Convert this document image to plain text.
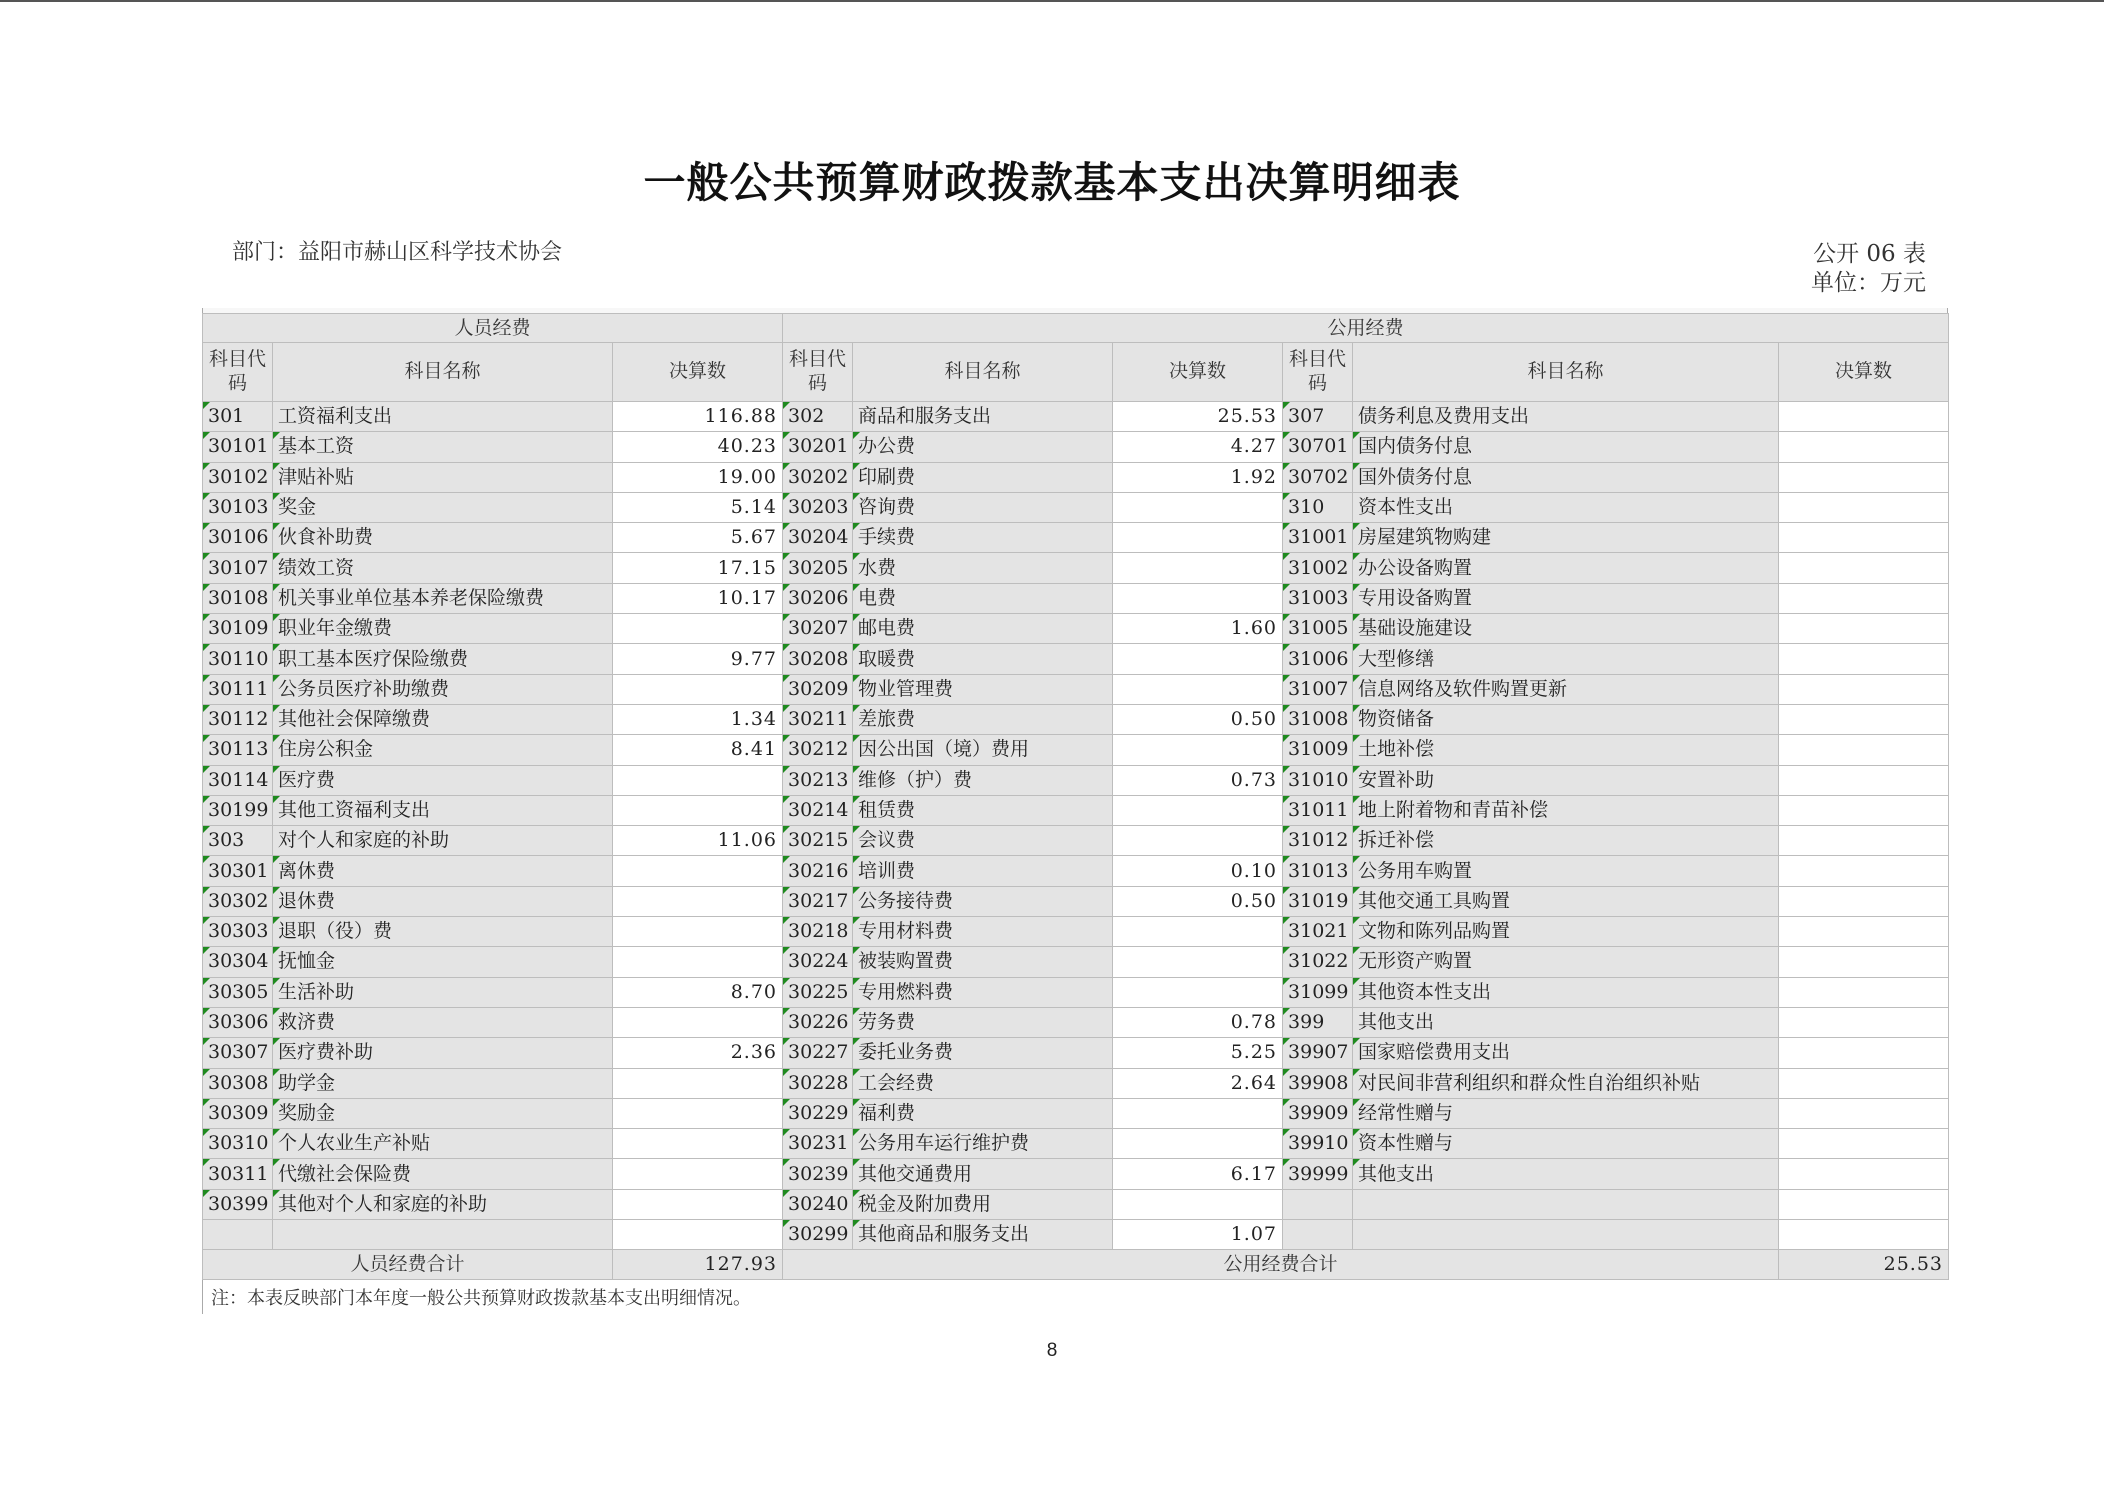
一般公共预算财政拨款基本支出决算明细表
部门：益阳市赫山区科学技术协会	公开 06 表
单位：万元
人员经费			公用经费					
科目代码	科目名称	决算数	科目代码	科目名称	决算数	科目代码	科目名称	决算数
301	工资福利支出	116.88	302	商品和服务支出	25.53	307	债务利息及费用支出	
30101	基本工资	40.23	30201	办公费	4.27	30701	国内债务付息	
30102	津贴补贴	19.00	30202	印刷费	1.92	30702	国外债务付息	
30103	奖金	5.14	30203	咨询费		310	资本性支出	
30106	伙食补助费	5.67	30204	手续费		31001	房屋建筑物购建	
30107	绩效工资	17.15	30205	水费		31002	办公设备购置	
30108	机关事业单位基本养老保险缴费	10.17	30206	电费		31003	专用设备购置	
30109	职业年金缴费		30207	邮电费	1.60	31005	基础设施建设	
30110	职工基本医疗保险缴费	9.77	30208	取暖费		31006	大型修缮	
30111	公务员医疗补助缴费		30209	物业管理费		31007	信息网络及软件购置更新	
30112	其他社会保障缴费	1.34	30211	差旅费	0.50	31008	物资储备	
30113	住房公积金	8.41	30212	因公出国（境）费用		31009	土地补偿	
30114	医疗费		30213	维修（护）费	0.73	31010	安置补助	
30199	其他工资福利支出		30214	租赁费		31011	地上附着物和青苗补偿	
303	对个人和家庭的补助	11.06	30215	会议费		31012	拆迁补偿	
30301	离休费		30216	培训费	0.10	31013	公务用车购置	
30302	退休费		30217	公务接待费	0.50	31019	其他交通工具购置	
30303	退职（役）费		30218	专用材料费		31021	文物和陈列品购置	
30304	抚恤金		30224	被装购置费		31022	无形资产购置	
30305	生活补助	8.70	30225	专用燃料费		31099	其他资本性支出	
30306	救济费		30226	劳务费	0.78	399	其他支出	
30307	医疗费补助	2.36	30227	委托业务费	5.25	39907	国家赔偿费用支出	
30308	助学金		30228	工会经费	2.64	39908	对民间非营利组织和群众性自治组织补贴	
30309	奖励金		30229	福利费		39909	经常性赠与	
30310	个人农业生产补贴		30231	公务用车运行维护费		39910	资本性赠与	
30311	代缴社会保险费		30239	其他交通费用	6.17	39999	其他支出	
30399	其他对个人和家庭的补助		30240	税金及附加费用				
			30299	其他商品和服务支出	1.07			
人员经费合计		127.93	公用经费合计					25.53
注：本表反映部门本年度一般公共预算财政拨款基本支出明细情况。
8
